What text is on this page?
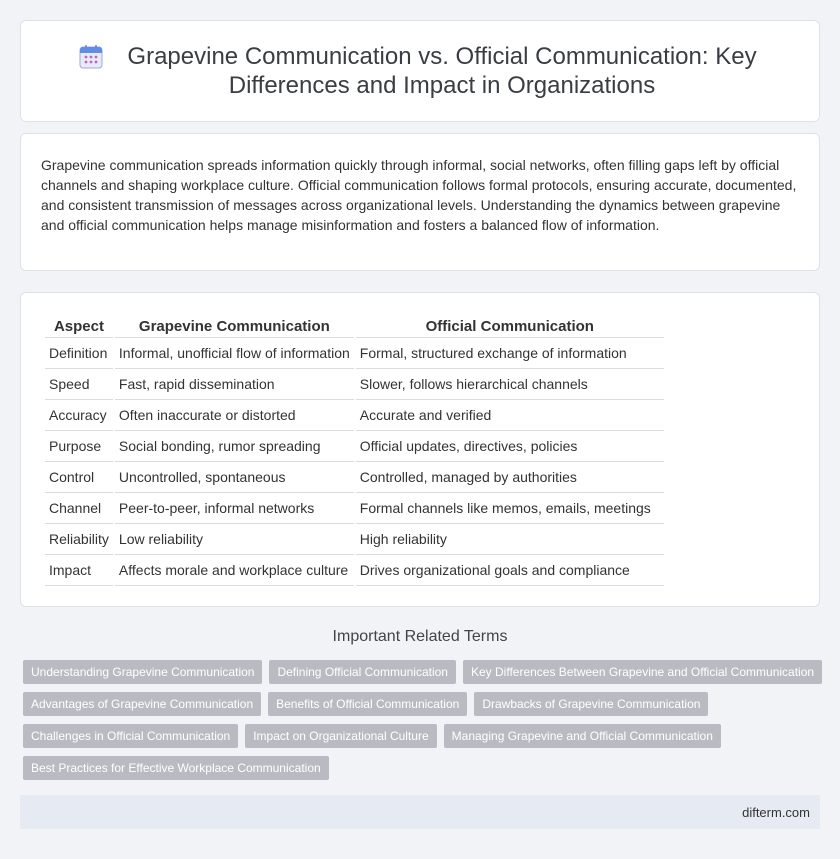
Grapevine Communication vs. Official Communication: Key Differences and Impact in Organizations

Grapevine communication spreads information quickly through informal, social networks, often filling gaps left by official channels and shaping workplace culture. Official communication follows formal protocols, ensuring accurate, documented, and consistent transmission of messages across organizational levels. Understanding the dynamics between grapevine and official communication helps manage misinformation and fosters a balanced flow of information.

Aspect	Grapevine Communication	Official Communication
Definition	Informal, unofficial flow of information	Formal, structured exchange of information
Speed	Fast, rapid dissemination	Slower, follows hierarchical channels
Accuracy	Often inaccurate or distorted	Accurate and verified
Purpose	Social bonding, rumor spreading	Official updates, directives, policies
Control	Uncontrolled, spontaneous	Controlled, managed by authorities
Channel	Peer-to-peer, informal networks	Formal channels like memos, emails, meetings
Reliability	Low reliability	High reliability
Impact	Affects morale and workplace culture	Drives organizational goals and compliance
Important Related Terms
Understanding Grapevine Communication	Defining Official Communication	Key Differences Between Grapevine and Official Communication
Advantages of Grapevine Communication	Benefits of Official Communication	Drawbacks of Grapevine Communication
Challenges in Official Communication	Impact on Organizational Culture	Managing Grapevine and Official Communication
Best Practices for Effective Workplace Communication
difterm.com
